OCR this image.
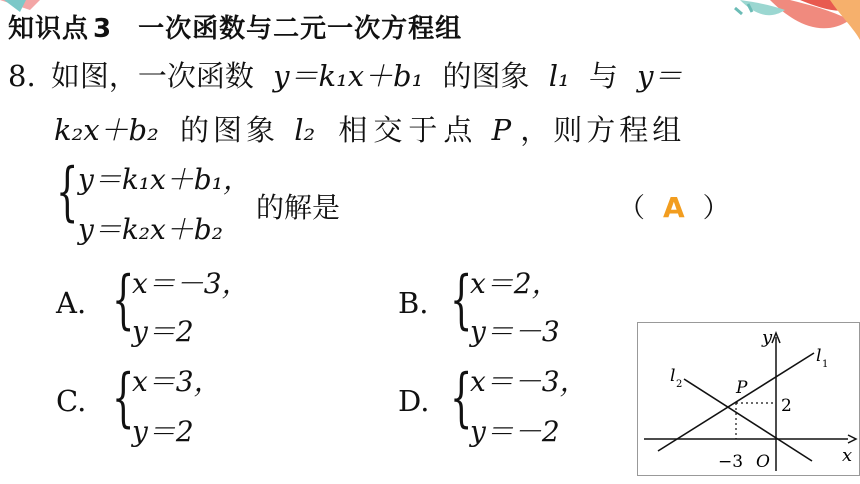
知识点 3 一次函数与二元一次方程组
8. 如图，一次函数 y＝k₁x＋b₁ 的图象 l₁ 与 y＝
k₂x＋b₂ 的图象 l₂ 相交于点 P ，则方程组
{ y＝k₁x＋b₁，
y＝k₂x＋b₂
的解是	（ A ）
A. {
x＝－3，
y＝2
B. {
x＝2，
y＝－3
C. {
x＝3，
y＝2
D. {
x＝－3，
y＝－2
y
x
O
−3
2
P
l 1
l 2
